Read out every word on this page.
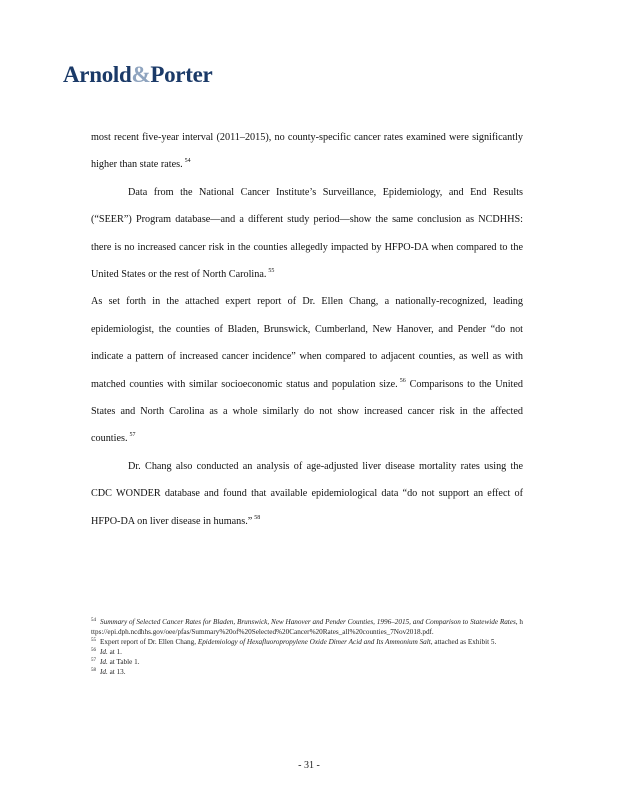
Arnold&Porter

most recent five-year interval (2011–2015), no county-specific cancer rates examined were significantly higher than state rates. $^{54}$

Data from the National Cancer Institute’s Surveillance, Epidemiology, and End Results (“SEER”) Program database—and a different study period—show the same conclusion as NCDHHS: there is no increased cancer risk in the counties allegedly impacted by HFPO-DA when compared to the United States or the rest of North Carolina. $^{55}$

As set forth in the attached expert report of Dr. Ellen Chang, a nationally-recognized, leading epidemiologist, the counties of Bladen, Brunswick, Cumberland, New Hanover, and Pender “do not indicate a pattern of increased cancer incidence” when compared to adjacent counties, as well as with matched counties with similar socioeconomic status and population size. $^{56}$ Comparisons to the United States and North Carolina as a whole similarly do not show increased cancer risk in the affected counties. $^{57}$

Dr. Chang also conducted an analysis of age-adjusted liver disease mortality rates using the CDC WONDER database and found that available epidemiological data “do not support an effect of HFPO-DA on liver disease in humans.” $^{58}$

$^{54}$ Summary of Selected Cancer Rates for Bladen, Brunswick, New Hanover and Pender Counties, 1996–2015, and Comparison to Statewide Rates, https://epi.dph.ncdhhs.gov/oee/pfas/Summary%20of%20Selected%20Cancer%20Rates_all%20counties_7Nov2018.pdf.

$^{55}$ Expert report of Dr. Ellen Chang, Epidemiology of Hexafluoropropylene Oxide Dimer Acid and Its Ammonium Salt, attached as Exhibit 5.

$^{56}$ Id. at 1.

$^{57}$ Id. at Table 1.

$^{58}$ Id. at 13.

- 31 -
